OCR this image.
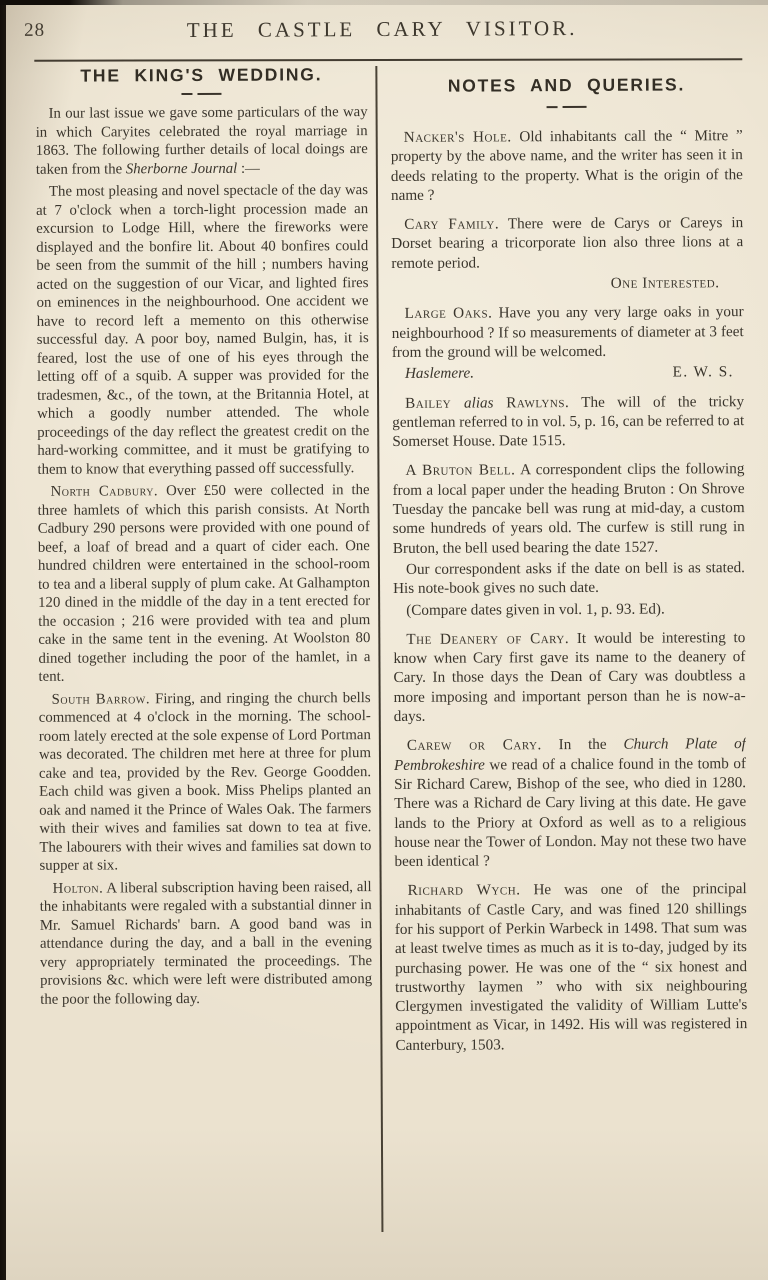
28	THE CASTLE CARY VISITOR.
THE KING'S WEDDING.

In our last issue we gave some particulars of the way in which Caryites celebrated the royal marriage in 1863. The following further details of local doings are taken from the Sherborne Journal :—

The most pleasing and novel spectacle of the day was at 7 o'clock when a torch-light procession made an excursion to Lodge Hill, where the fireworks were displayed and the bonfire lit. About 40 bonfires could be seen from the summit of the hill ; numbers having acted on the suggestion of our Vicar, and lighted fires on eminences in the neighbourhood. One accident we have to record left a memento on this otherwise successful day. A poor boy, named Bulgin, has, it is feared, lost the use of one of his eyes through the letting off of a squib. A supper was provided for the tradesmen, &c., of the town, at the Britannia Hotel, at which a goodly number attended. The whole proceedings of the day reflect the greatest credit on the hard-working committee, and it must be gratifying to them to know that everything passed off successfully.

North Cadbury. Over £50 were collected in the three hamlets of which this parish consists. At North Cadbury 290 persons were provided with one pound of beef, a loaf of bread and a quart of cider each. One hundred children were entertained in the school-room to tea and a liberal supply of plum cake. At Galhampton 120 dined in the middle of the day in a tent erected for the occasion ; 216 were provided with tea and plum cake in the same tent in the evening. At Woolston 80 dined together including the poor of the hamlet, in a tent.

South Barrow. Firing, and ringing the church bells commenced at 4 o'clock in the morning. The school-room lately erected at the sole expense of Lord Portman was decorated. The children met here at three for plum cake and tea, provided by the Rev. George Goodden. Each child was given a book. Miss Phelips planted an oak and named it the Prince of Wales Oak. The farmers with their wives and families sat down to tea at five. The labourers with their wives and families sat down to supper at six.

Holton. A liberal subscription having been raised, all the inhabitants were regaled with a substantial dinner in Mr. Samuel Richards' barn. A good band was in attendance during the day, and a ball in the evening very appropriately terminated the proceedings. The provisions &c. which were left were distributed among the poor the following day.

NOTES AND QUERIES.

Nacker's Hole. Old inhabitants call the “ Mitre ” property by the above name, and the writer has seen it in deeds relating to the property. What is the origin of the name ?

Cary Family. There were de Carys or Careys in Dorset bearing a tricorporate lion also three lions at a remote period.

One Interested.

Large Oaks. Have you any very large oaks in your neighbourhood ? If so measurements of diameter at 3 feet from the ground will be welcomed.

Haslemere.	E. W. S.

Bailey alias Rawlyns. The will of the tricky gentleman referred to in vol. 5, p. 16, can be referred to at Somerset House. Date 1515.

A Bruton Bell. A correspondent clips the following from a local paper under the heading Bruton : On Shrove Tuesday the pancake bell was rung at mid-day, a custom some hundreds of years old. The curfew is still rung in Bruton, the bell used bearing the date 1527.

Our correspondent asks if the date on bell is as stated. His note-book gives no such date.

(Compare dates given in vol. 1, p. 93. Ed).

The Deanery of Cary. It would be interesting to know when Cary first gave its name to the deanery of Cary. In those days the Dean of Cary was doubtless a more imposing and important person than he is now-a-days.

Carew or Cary. In the Church Plate of Pembrokeshire we read of a chalice found in the tomb of Sir Richard Carew, Bishop of the see, who died in 1280. There was a Richard de Cary living at this date. He gave lands to the Priory at Oxford as well as to a religious house near the Tower of London. May not these two have been identical ?

Richard Wych. He was one of the principal inhabitants of Castle Cary, and was fined 120 shillings for his support of Perkin Warbeck in 1498. That sum was at least twelve times as much as it is to-day, judged by its purchasing power. He was one of the “ six honest and trustworthy laymen ” who with six neighbouring Clergymen investigated the validity of William Lutte's appointment as Vicar, in 1492. His will was registered in Canterbury, 1503.
